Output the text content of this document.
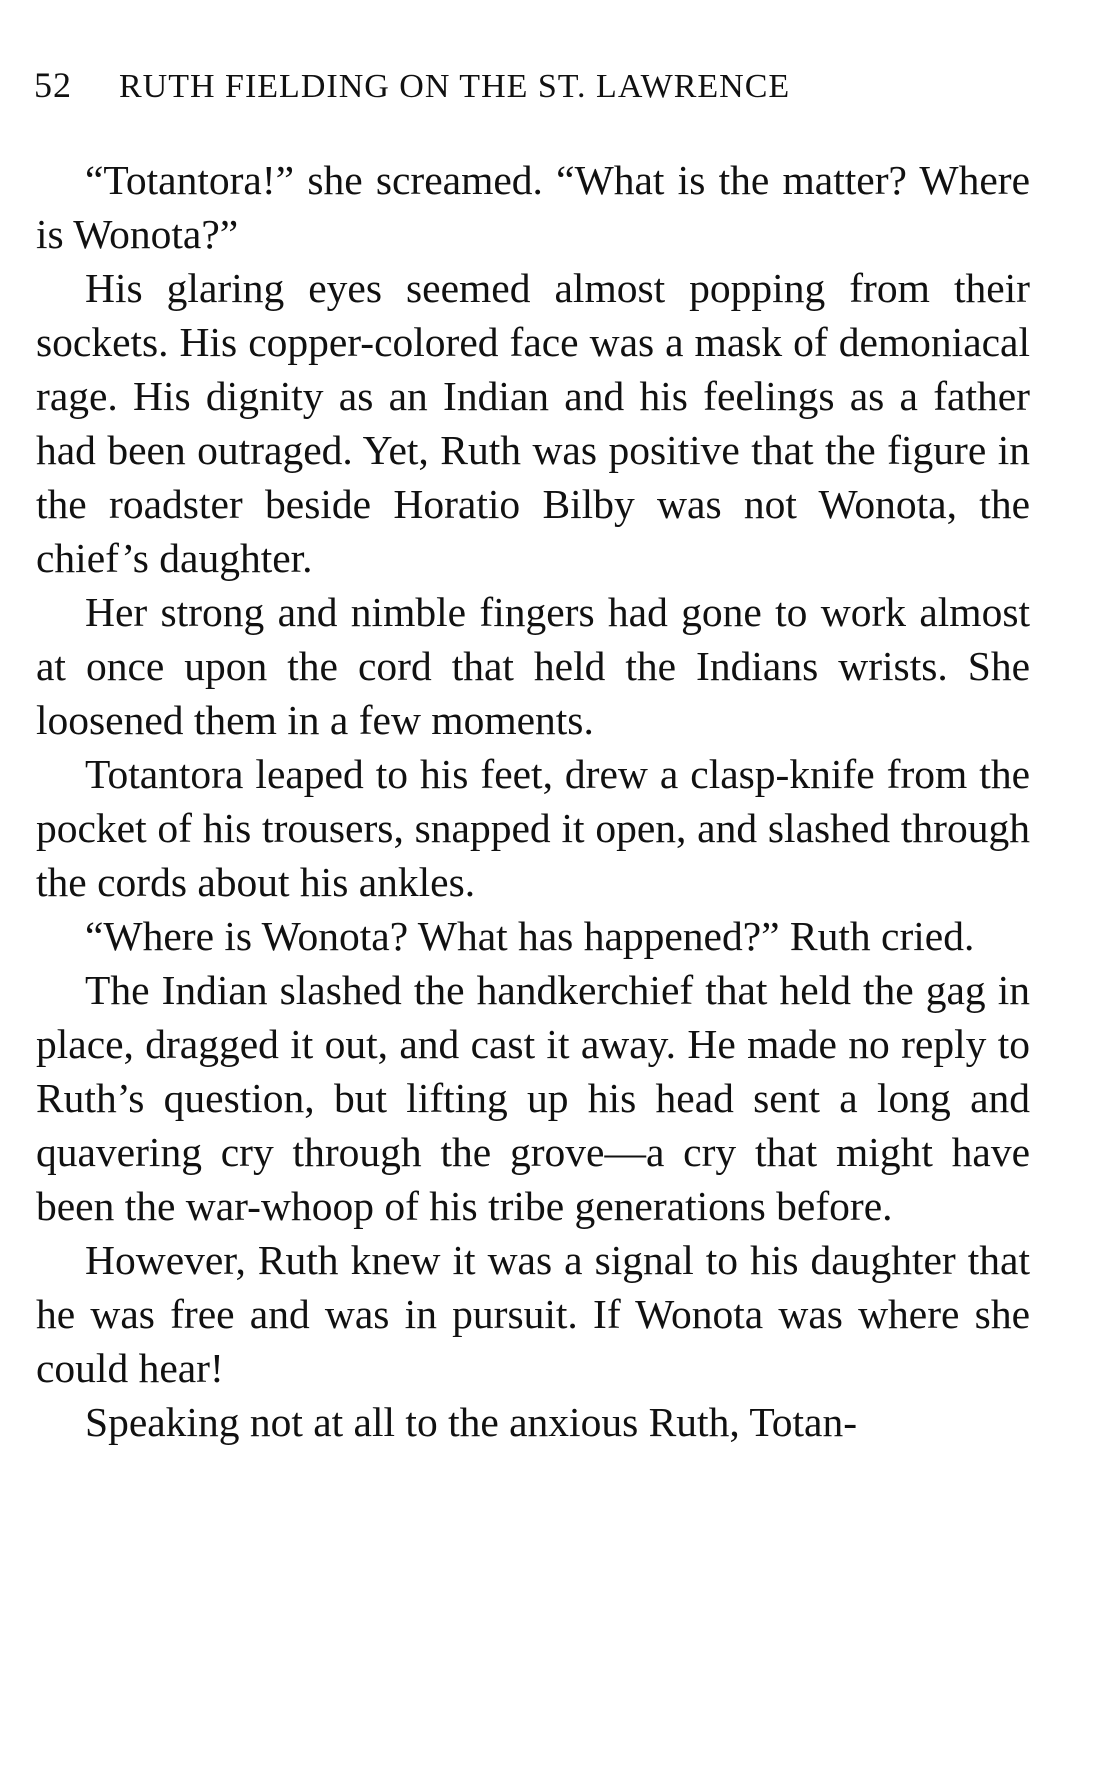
52 RUTH FIELDING ON THE ST. LAWRENCE

“Totantora!” she screamed. “What is the matter? Where is Wonota?”

His glaring eyes seemed almost popping from their sockets. His copper-colored face was a mask of demoniacal rage. His dignity as an Indian and his feelings as a father had been outraged. Yet, Ruth was positive that the figure in the roadster beside Horatio Bilby was not Wonota, the chief’s daughter.

Her strong and nimble fingers had gone to work almost at once upon the cord that held the Indians wrists. She loosened them in a few moments.

Totantora leaped to his feet, drew a clasp-knife from the pocket of his trousers, snapped it open, and slashed through the cords about his ankles.

“Where is Wonota? What has happened?” Ruth cried.

The Indian slashed the handkerchief that held the gag in place, dragged it out, and cast it away. He made no reply to Ruth’s question, but lifting up his head sent a long and quavering cry through the grove—a cry that might have been the war-whoop of his tribe generations before.

However, Ruth knew it was a signal to his daughter that he was free and was in pursuit. If Wonota was where she could hear!

Speaking not at all to the anxious Ruth, Totan-
